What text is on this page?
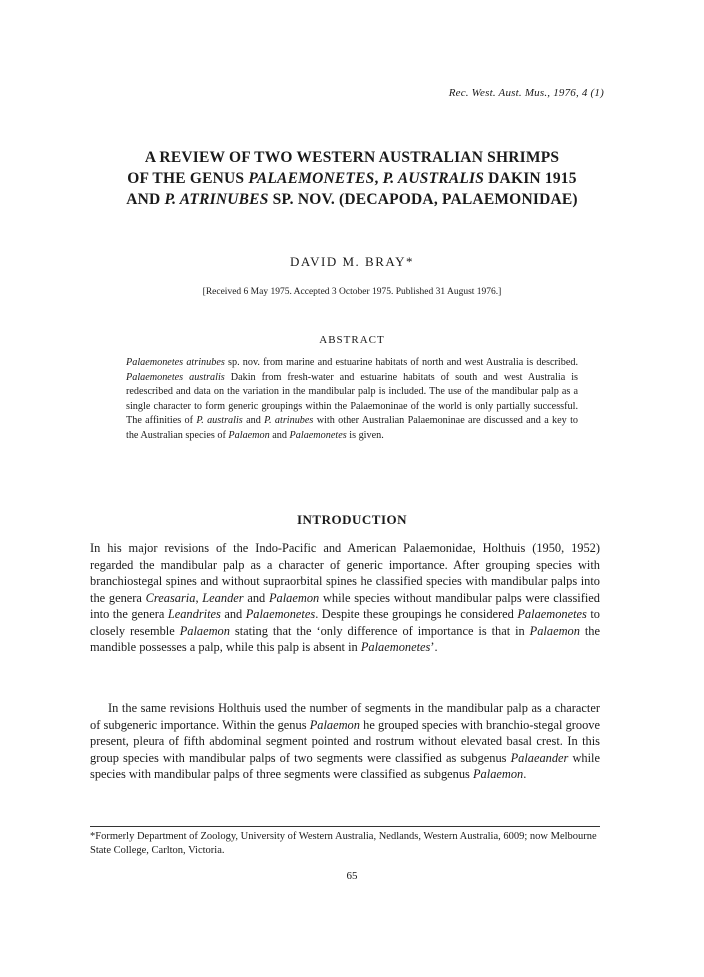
Rec. West. Aust. Mus., 1976, 4 (1)
A REVIEW OF TWO WESTERN AUSTRALIAN SHRIMPS
OF THE GENUS PALAEMONETES, P. AUSTRALIS DAKIN 1915
AND P. ATRINUBES SP. NOV. (DECAPODA, PALAEMONIDAE)
DAVID M. BRAY*
[Received 6 May 1975. Accepted 3 October 1975. Published 31 August 1976.]
ABSTRACT
Palaemonetes atrinubes sp. nov. from marine and estuarine habitats of north and west Australia is described. Palaemonetes australis Dakin from fresh-water and estuarine habitats of south and west Australia is redescribed and data on the variation in the mandibular palp is included. The use of the mandibular palp as a single character to form generic groupings within the Palaemoninae of the world is only partially successful. The affinities of P. australis and P. atrinubes with other Australian Palaemoninae are discussed and a key to the Australian species of Palaemon and Palaemonetes is given.
INTRODUCTION
In his major revisions of the Indo-Pacific and American Palaemonidae, Holthuis (1950, 1952) regarded the mandibular palp as a character of generic importance. After grouping species with branchiostegal spines and without supraorbital spines he classified species with mandibular palps into the genera Creasaria, Leander and Palaemon while species without mandibular palps were classified into the genera Leandrites and Palaemonetes. Despite these groupings he considered Palaemonetes to closely resemble Palaemon stating that the ‘only difference of importance is that in Palaemon the mandible possesses a palp, while this palp is absent in Palaemonetes’.
In the same revisions Holthuis used the number of segments in the mandibular palp as a character of subgeneric importance. Within the genus Palaemon he grouped species with branchio-stegal groove present, pleura of fifth abdominal segment pointed and rostrum without elevated basal crest. In this group species with mandibular palps of two segments were classified as subgenus Palaeander while species with mandibular palps of three segments were classified as subgenus Palaemon.
*Formerly Department of Zoology, University of Western Australia, Nedlands, Western Australia, 6009; now Melbourne State College, Carlton, Victoria.
65
